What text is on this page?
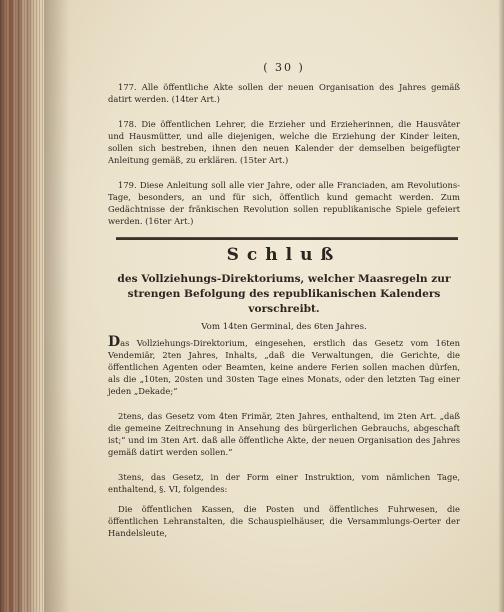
( 30 )

177. Alle öffentliche Akte sollen der neuen Organisation des Jahres gemäß datirt werden. (14ter Art.)

178. Die öffentlichen Lehrer, die Erzieher und Erzieherinnen, die Hausväter und Hausmütter, und alle diejenigen, welche die Erziehung der Kinder leiten, sollen sich bestreben, ihnen den neuen Kalender der demselben beigefügter Anleitung gemäß, zu erklären. (15ter Art.)

179. Diese Anleitung soll alle vier Jahre, oder alle Franciaden, am Revolutions-Tage, besonders, an und für sich, öffentlich kund gemacht werden. Zum Gedächtnisse der fränkischen Revolution sollen republikanische Spiele gefeiert werden. (16ter Art.)

Schluß
des Vollziehungs-Direktoriums, welcher Maasregeln zur strengen Befolgung des republikanischen Kalenders vorschreibt.
Vom 14ten Germinal, des 6ten Jahres.

Das Vollziehungs-Direktorium, eingesehen, erstlich das Gesetz vom 16ten Vendemiär, 2ten Jahres, Inhalts, „daß die Verwaltungen, die Gerichte, die öffentlichen Agenten oder Beamten, keine andere Ferien sollen machen dürfen, als die „10ten, 20sten und 30sten Tage eines Monats, oder den letzten Tag einer jeden „Dekade;“

2tens, das Gesetz vom 4ten Frimär, 2ten Jahres, enthaltend, im 2ten Art. „daß die gemeine Zeitrechnung in Ansehung des bürgerlichen Gebrauchs, abgeschaft ist;“ und im 3ten Art. daß alle öffentliche Akte, der neuen Organisation des Jahres gemäß datirt werden sollen.“

3tens, das Gesetz, in der Form einer Instruktion, vom nämlichen Tage, enthaltend, §. VI, folgendes:

Die öffentlichen Kassen, die Posten und öffentliches Fuhrwesen, die öffentlichen Lehranstalten, die Schauspielhäuser, die Versammlungs-Oerter der Handelsleute,
